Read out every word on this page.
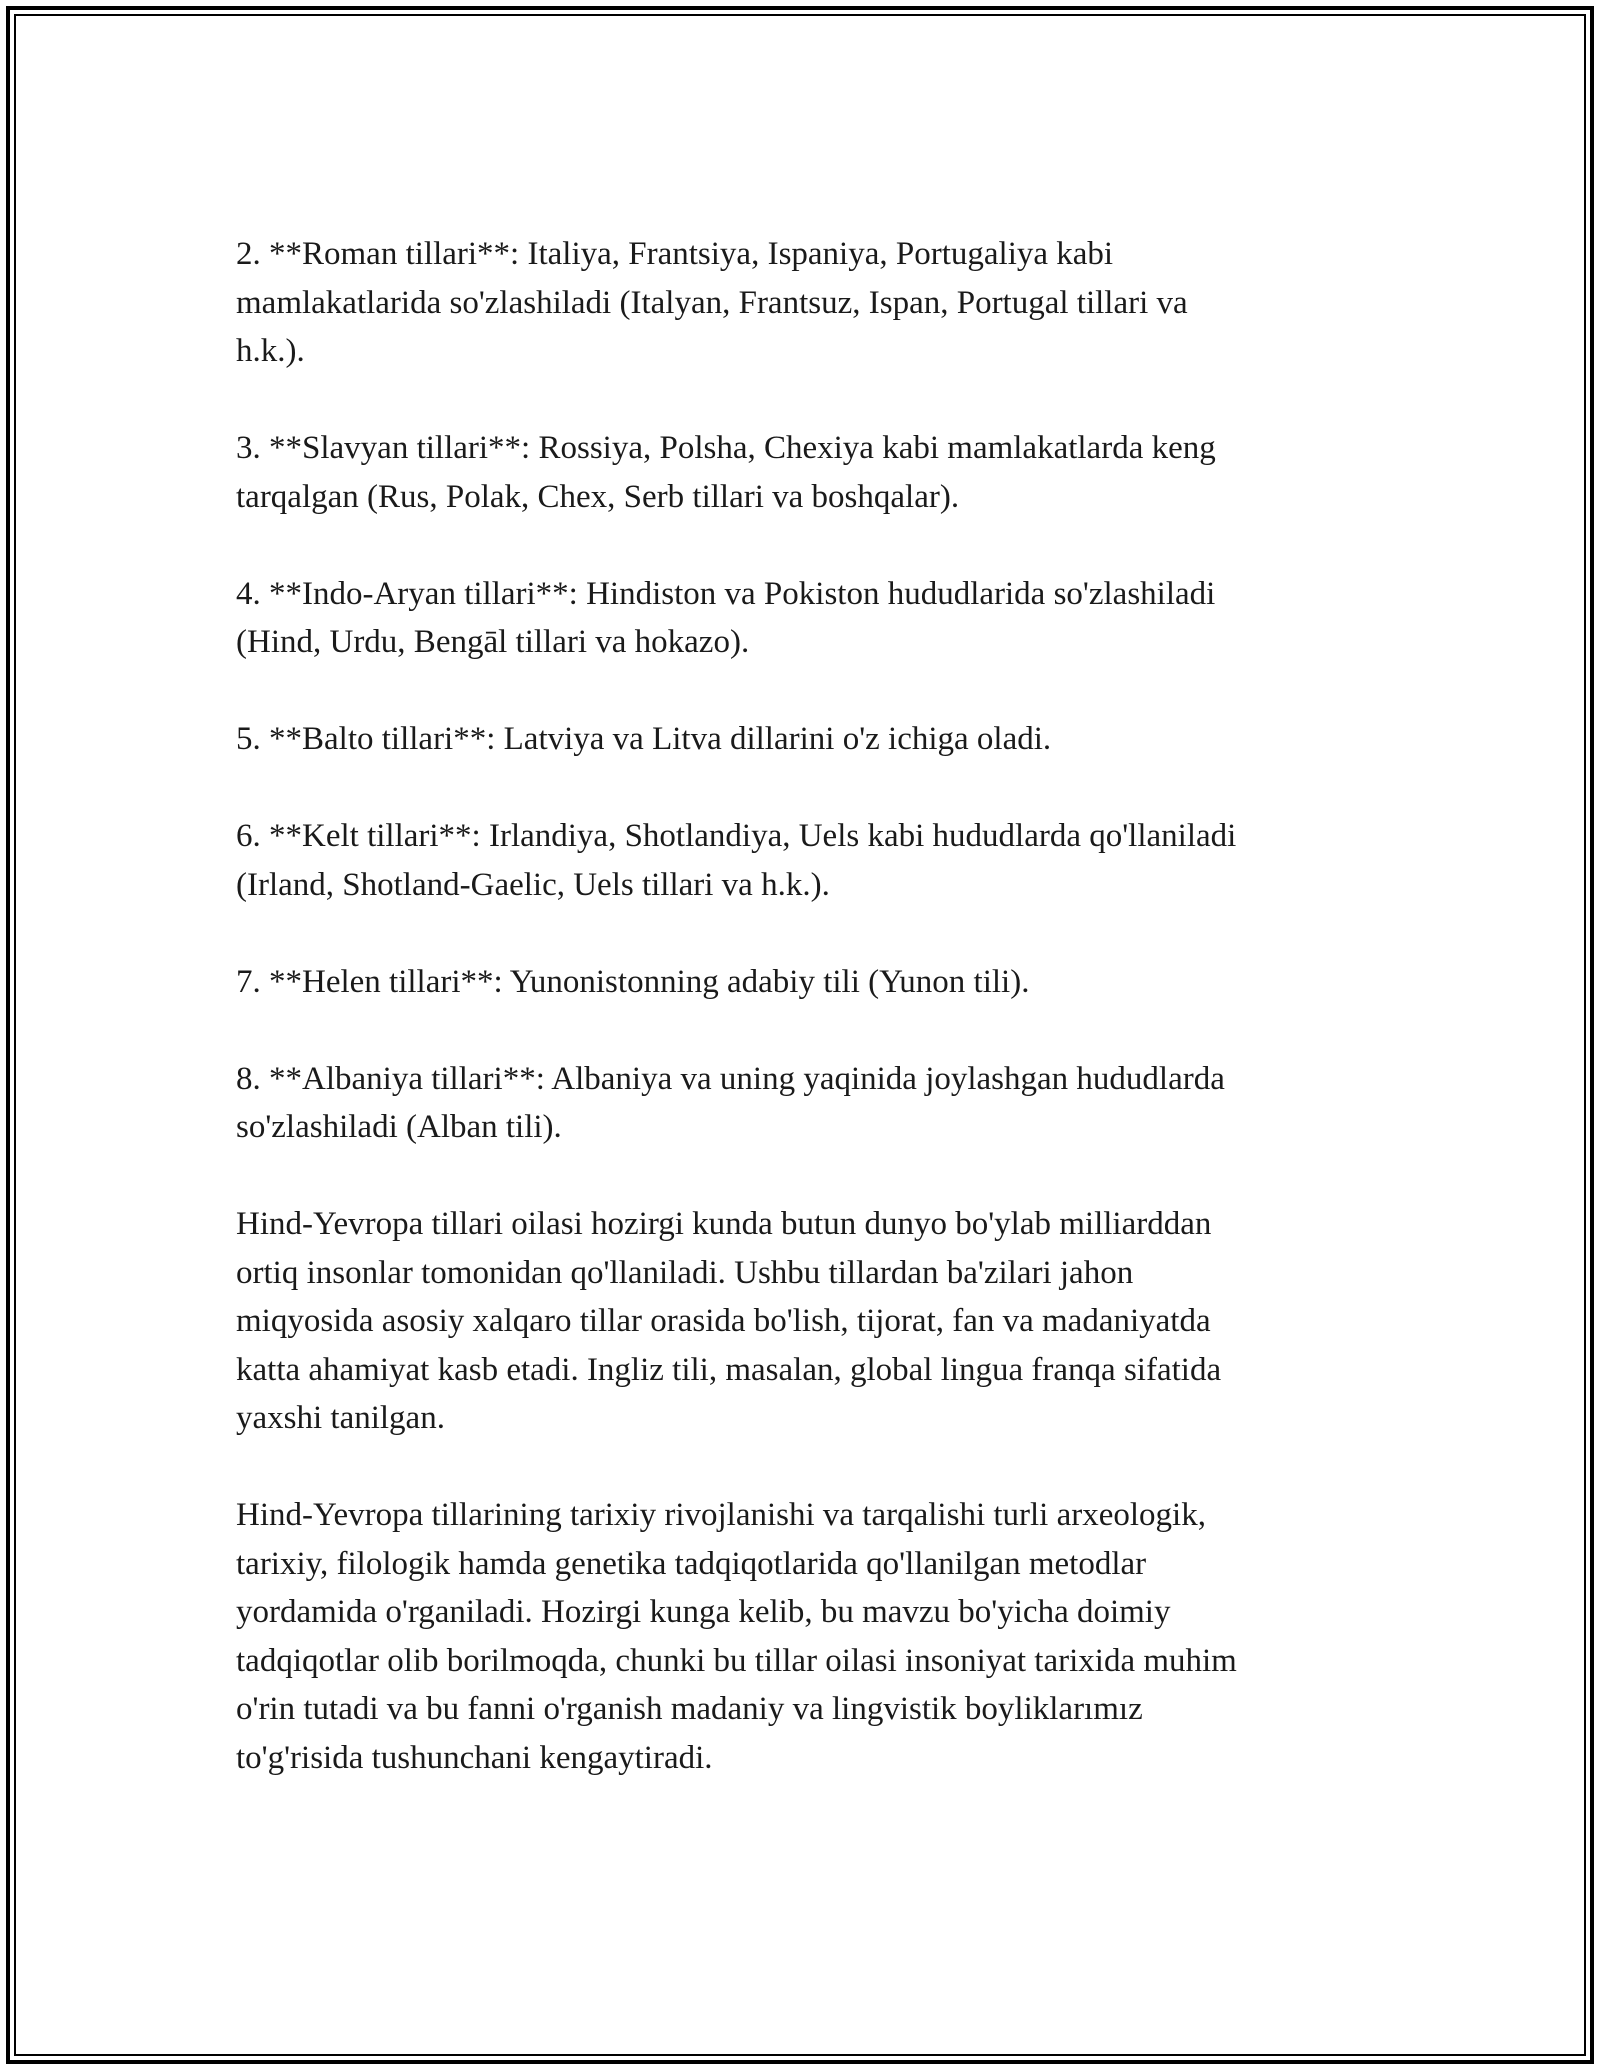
2. **Roman tillari**: Italiya, Frantsiya, Ispaniya, Portugaliya kabi
mamlakatlarida so'zlashiladi (Italyan, Frantsuz, Ispan, Portugal tillari va
h.k.).

3. **Slavyan tillari**: Rossiya, Polsha, Chexiya kabi mamlakatlarda keng
tarqalgan (Rus, Polak, Chex, Serb tillari va boshqalar).

4. **Indo-Aryan tillari**: Hindiston va Pokiston hududlarida so'zlashiladi
(Hind, Urdu, Bengāl tillari va hokazo).

5. **Balto tillari**: Latviya va Litva dillarini o'z ichiga oladi.

6. **Kelt tillari**: Irlandiya, Shotlandiya, Uels kabi hududlarda qo'llaniladi
(Irland, Shotland-Gaelic, Uels tillari va h.k.).

7. **Helen tillari**: Yunonistonning adabiy tili (Yunon tili).

8. **Albaniya tillari**: Albaniya va uning yaqinida joylashgan hududlarda
so'zlashiladi (Alban tili).

Hind-Yevropa tillari oilasi hozirgi kunda butun dunyo bo'ylab milliarddan
ortiq insonlar tomonidan qo'llaniladi. Ushbu tillardan ba'zilari jahon
miqyosida asosiy xalqaro tillar orasida bo'lish, tijorat, fan va madaniyatda
katta ahamiyat kasb etadi. Ingliz tili, masalan, global lingua franqa sifatida
yaxshi tanilgan.

Hind-Yevropa tillarining tarixiy rivojlanishi va tarqalishi turli arxeologik,
tarixiy, filologik hamda genetika tadqiqotlarida qo'llanilgan metodlar
yordamida o'rganiladi. Hozirgi kunga kelib, bu mavzu bo'yicha doimiy
tadqiqotlar olib borilmoqda, chunki bu tillar oilasi insoniyat tarixida muhim
o'rin tutadi va bu fanni o'rganish madaniy va lingvistik boyliklarımız
to'g'risida tushunchani kengaytiradi.
